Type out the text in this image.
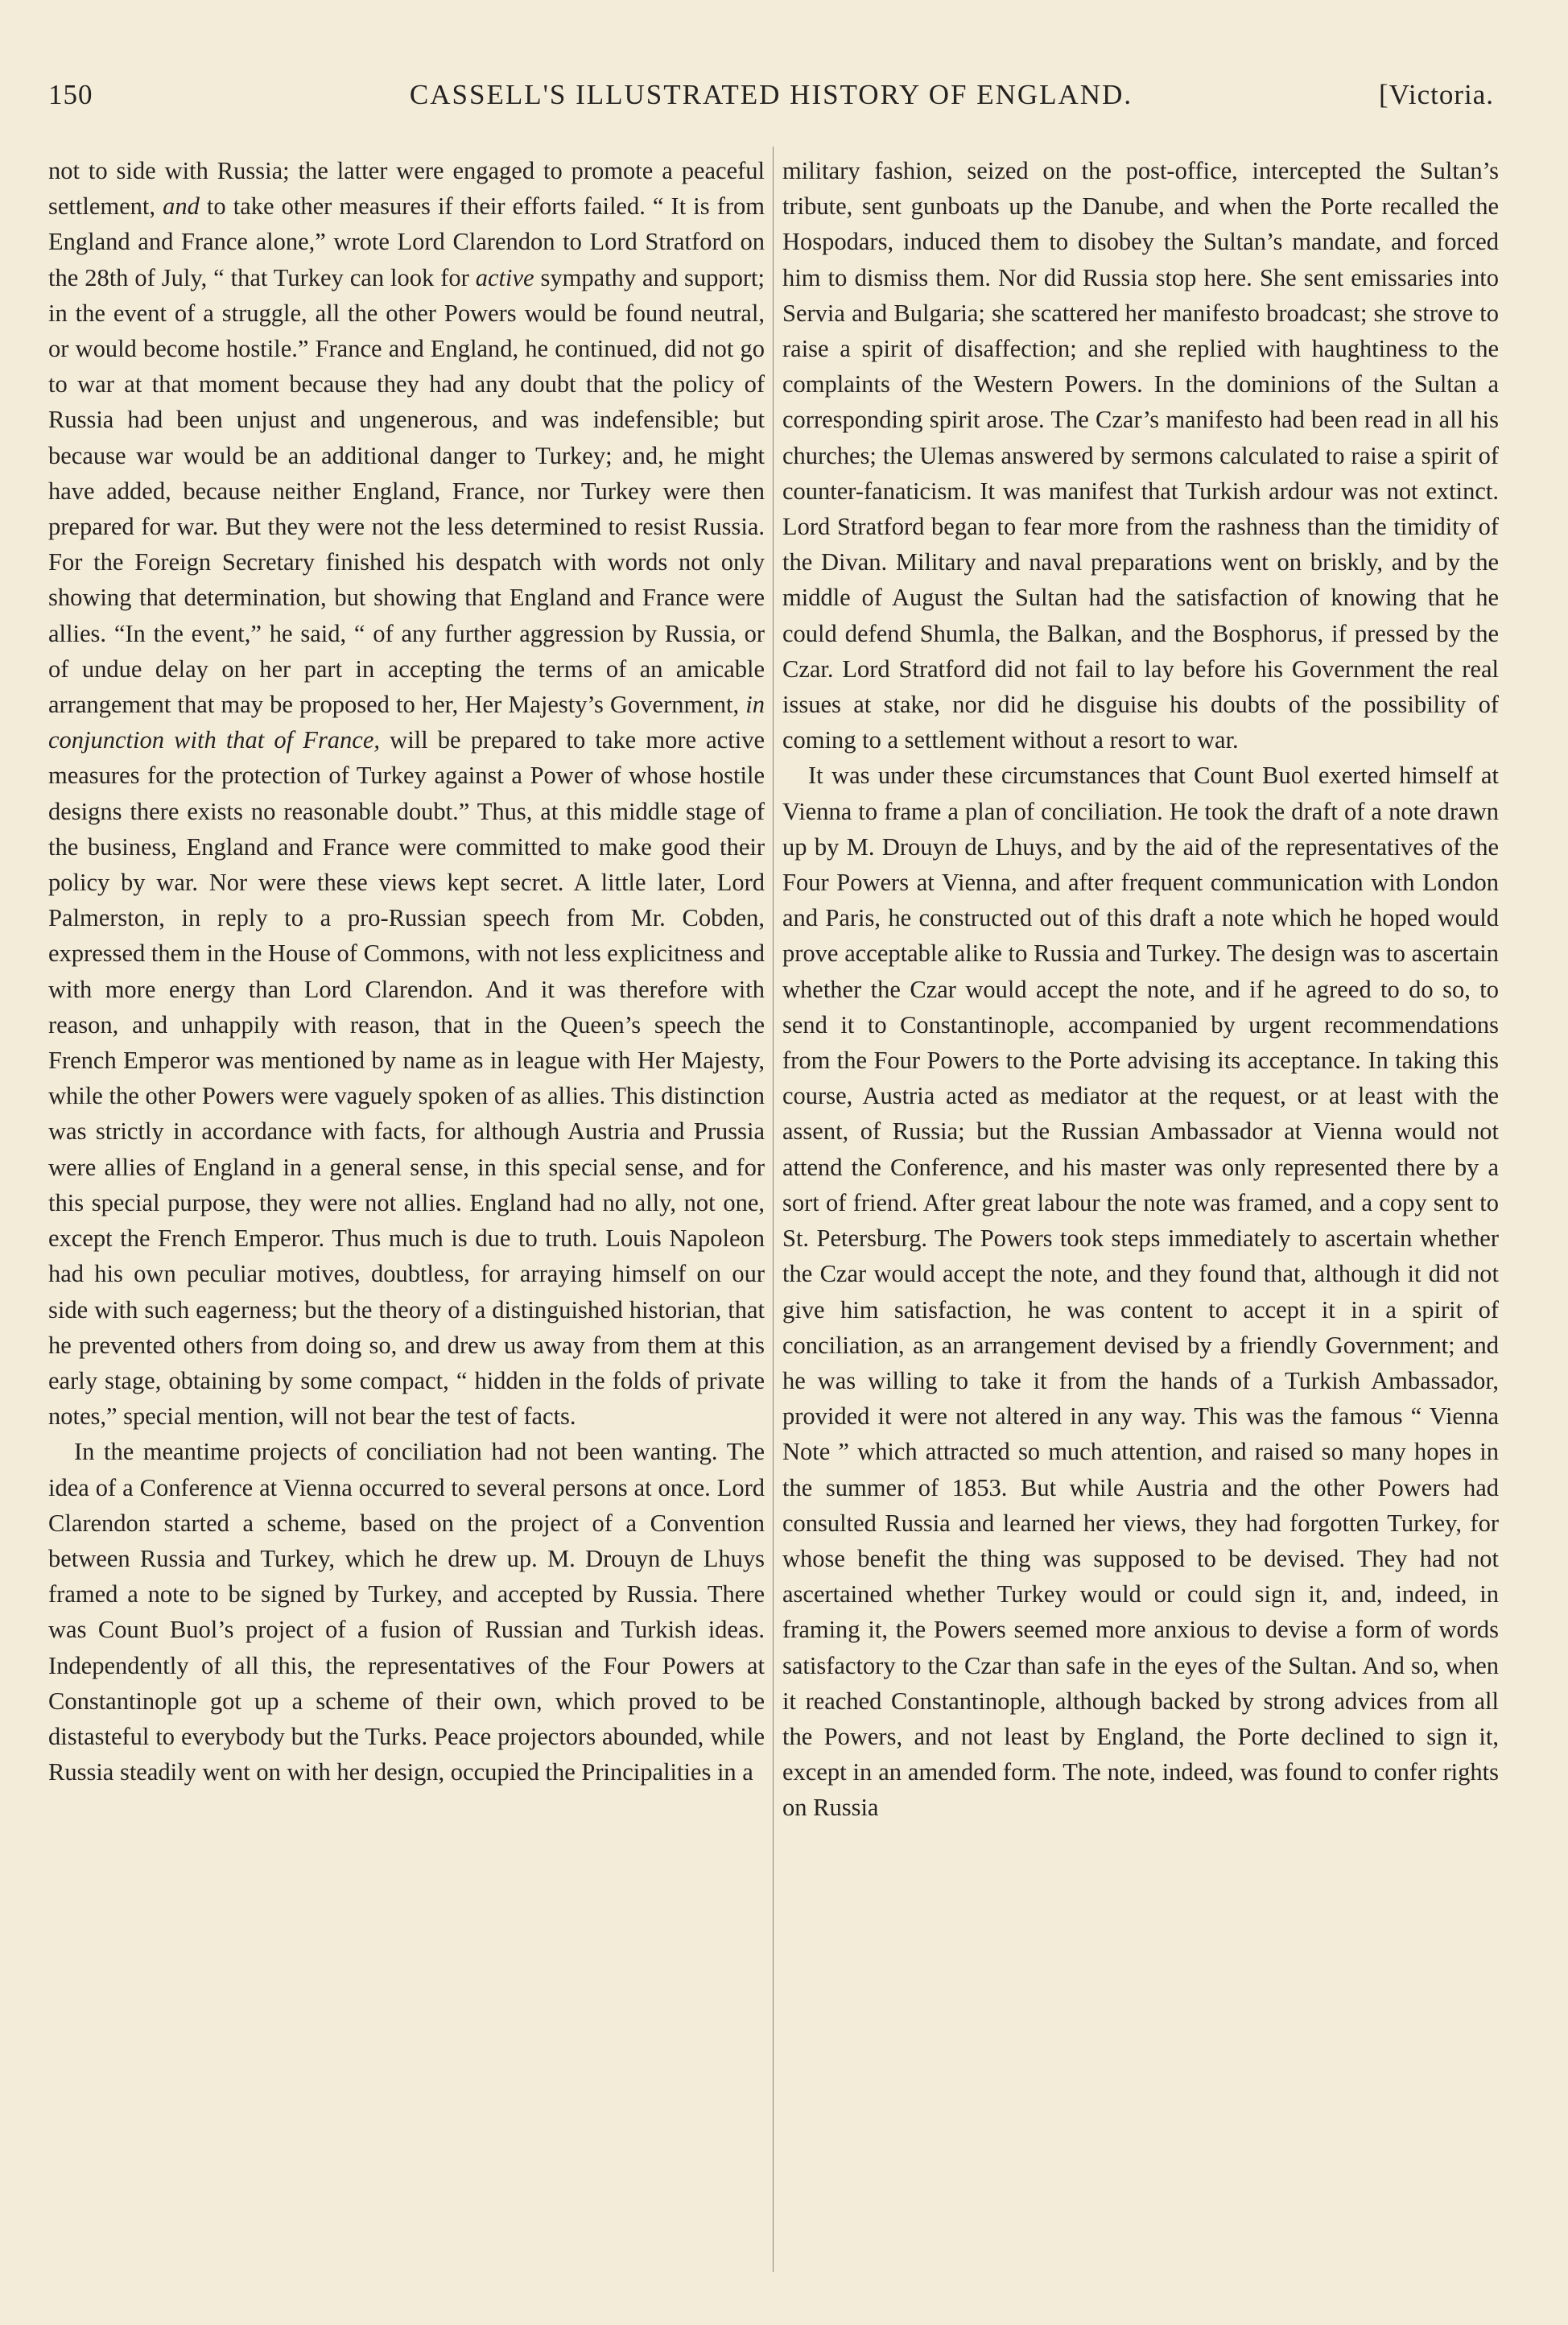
150	CASSELL'S ILLUSTRATED HISTORY OF ENGLAND.	[Victoria.

not to side with Russia; the latter were engaged to promote a peaceful settlement, and to take other measures if their efforts failed. “ It is from England and France alone,” wrote Lord Clarendon to Lord Stratford on the 28th of July, “ that Turkey can look for active sympathy and support; in the event of a struggle, all the other Powers would be found neutral, or would become hostile.” France and England, he continued, did not go to war at that moment because they had any doubt that the policy of Russia had been unjust and ungenerous, and was indefensible; but because war would be an additional danger to Turkey; and, he might have added, because neither England, France, nor Turkey were then prepared for war. But they were not the less determined to resist Russia. For the Foreign Secretary finished his despatch with words not only showing that determination, but showing that England and France were allies. “In the event,” he said, “ of any further aggression by Russia, or of undue delay on her part in accepting the terms of an amicable arrangement that may be proposed to her, Her Majesty’s Government, in conjunction with that of France, will be prepared to take more active measures for the protection of Turkey against a Power of whose hostile designs there exists no reasonable doubt.” Thus, at this middle stage of the business, England and France were committed to make good their policy by war. Nor were these views kept secret. A little later, Lord Palmerston, in reply to a pro-Russian speech from Mr. Cobden, expressed them in the House of Commons, with not less explicitness and with more energy than Lord Clarendon. And it was therefore with reason, and unhappily with reason, that in the Queen’s speech the French Emperor was mentioned by name as in league with Her Majesty, while the other Powers were vaguely spoken of as allies. This distinction was strictly in accordance with facts, for although Austria and Prussia were allies of England in a general sense, in this special sense, and for this special purpose, they were not allies. England had no ally, not one, except the French Emperor. Thus much is due to truth. Louis Napoleon had his own peculiar motives, doubtless, for arraying himself on our side with such eagerness; but the theory of a distinguished historian, that he prevented others from doing so, and drew us away from them at this early stage, obtaining by some compact, “ hidden in the folds of private notes,” special mention, will not bear the test of facts.

In the meantime projects of conciliation had not been wanting. The idea of a Conference at Vienna occurred to several persons at once. Lord Clarendon started a scheme, based on the project of a Convention between Russia and Turkey, which he drew up. M. Drouyn de Lhuys framed a note to be signed by Turkey, and accepted by Russia. There was Count Buol’s project of a fusion of Russian and Turkish ideas. Independently of all this, the representatives of the Four Powers at Constantinople got up a scheme of their own, which proved to be distasteful to everybody but the Turks. Peace projectors abounded, while Russia steadily went on with her design, occupied the Principalities in a

military fashion, seized on the post-office, intercepted the Sultan’s tribute, sent gunboats up the Danube, and when the Porte recalled the Hospodars, induced them to disobey the Sultan’s mandate, and forced him to dismiss them. Nor did Russia stop here. She sent emissaries into Servia and Bulgaria; she scattered her manifesto broadcast; she strove to raise a spirit of disaffection; and she replied with haughtiness to the complaints of the Western Powers. In the dominions of the Sultan a corresponding spirit arose. The Czar’s manifesto had been read in all his churches; the Ulemas answered by sermons calculated to raise a spirit of counter-fanaticism. It was manifest that Turkish ardour was not extinct. Lord Stratford began to fear more from the rashness than the timidity of the Divan. Military and naval preparations went on briskly, and by the middle of August the Sultan had the satisfaction of knowing that he could defend Shumla, the Balkan, and the Bosphorus, if pressed by the Czar. Lord Stratford did not fail to lay before his Government the real issues at stake, nor did he disguise his doubts of the possibility of coming to a settlement without a resort to war.

It was under these circumstances that Count Buol exerted himself at Vienna to frame a plan of conciliation. He took the draft of a note drawn up by M. Drouyn de Lhuys, and by the aid of the representatives of the Four Powers at Vienna, and after frequent communication with London and Paris, he constructed out of this draft a note which he hoped would prove acceptable alike to Russia and Turkey. The design was to ascertain whether the Czar would accept the note, and if he agreed to do so, to send it to Constantinople, accompanied by urgent recommendations from the Four Powers to the Porte advising its acceptance. In taking this course, Austria acted as mediator at the request, or at least with the assent, of Russia; but the Russian Ambassador at Vienna would not attend the Conference, and his master was only represented there by a sort of friend. After great labour the note was framed, and a copy sent to St. Petersburg. The Powers took steps immediately to ascertain whether the Czar would accept the note, and they found that, although it did not give him satisfaction, he was content to accept it in a spirit of conciliation, as an arrangement devised by a friendly Government; and he was willing to take it from the hands of a Turkish Ambassador, provided it were not altered in any way. This was the famous “ Vienna Note ” which attracted so much attention, and raised so many hopes in the summer of 1853. But while Austria and the other Powers had consulted Russia and learned her views, they had forgotten Turkey, for whose benefit the thing was supposed to be devised. They had not ascertained whether Turkey would or could sign it, and, indeed, in framing it, the Powers seemed more anxious to devise a form of words satisfactory to the Czar than safe in the eyes of the Sultan. And so, when it reached Constantinople, although backed by strong advices from all the Powers, and not least by England, the Porte declined to sign it, except in an amended form. The note, indeed, was found to confer rights on Russia
